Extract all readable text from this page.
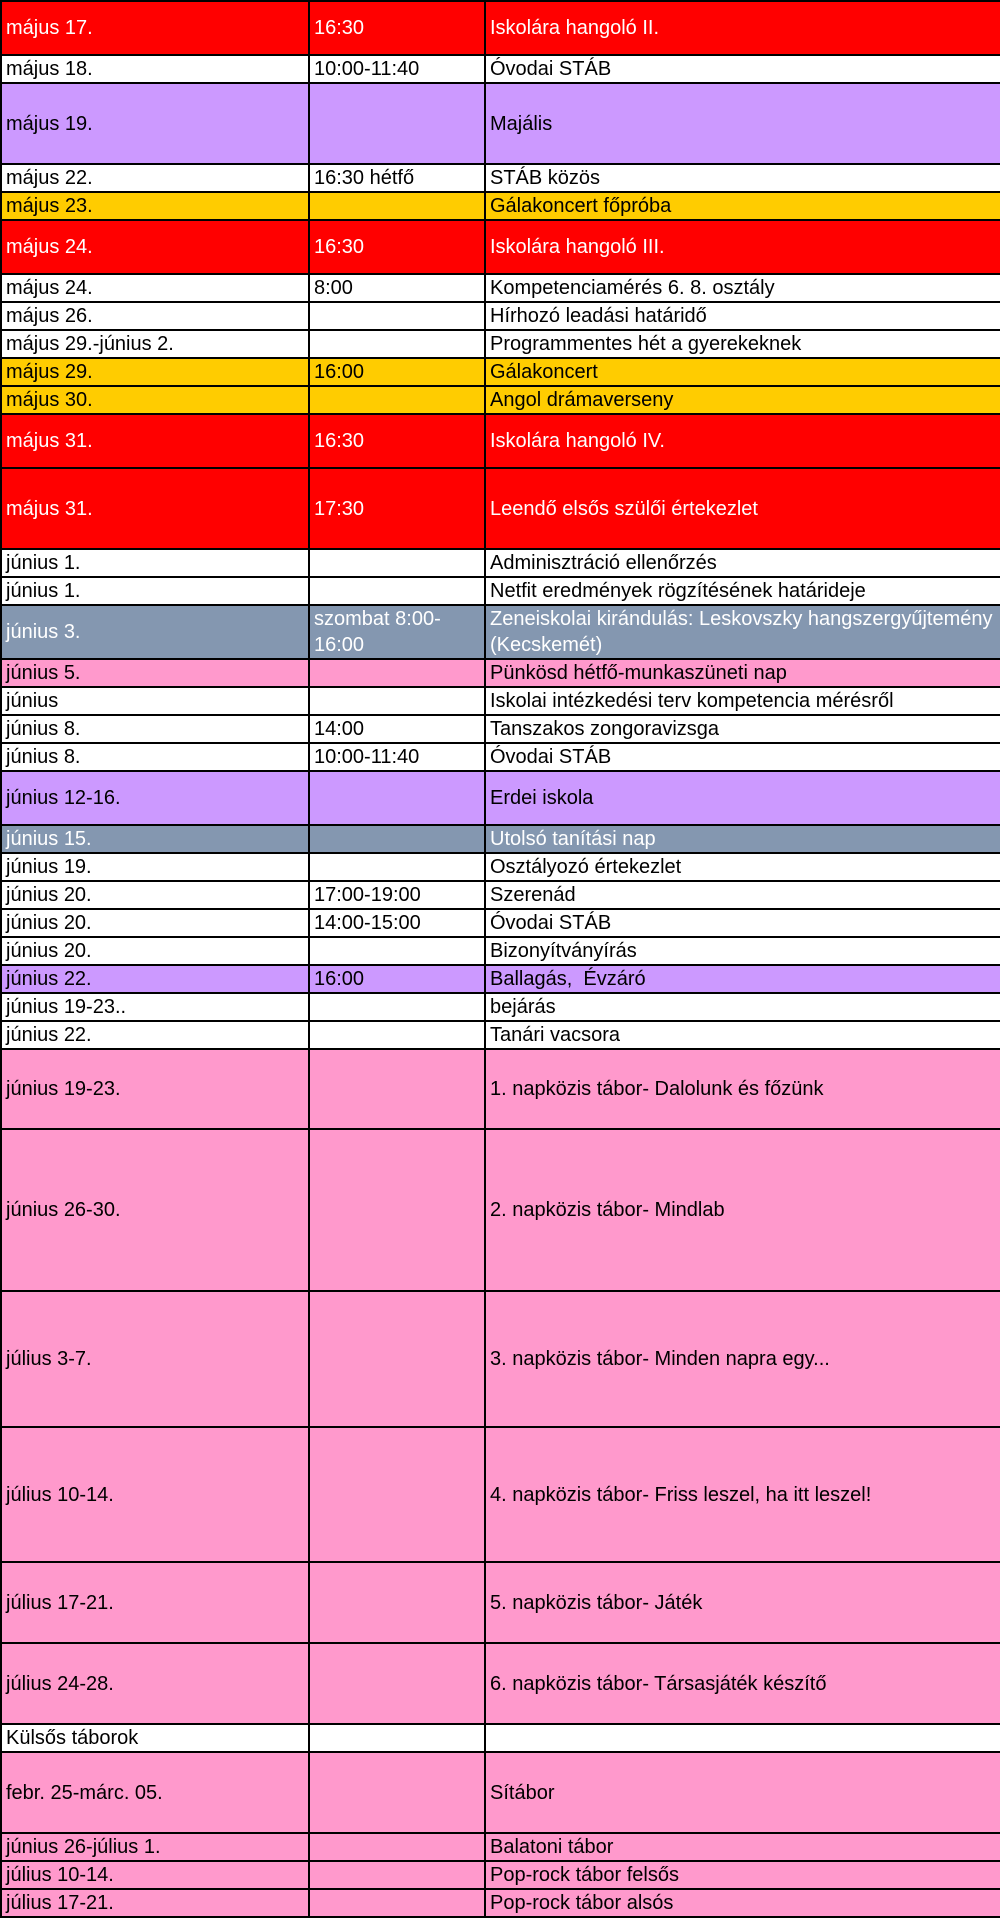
május 17.	16:30	Iskolára hangoló II.
május 18.	10:00-11:40	Óvodai STÁB
május 19.		Majális
május 22.	16:30 hétfő	STÁB közös
május 23.		Gálakoncert főpróba
május 24.	16:30	Iskolára hangoló III.
május 24.	8:00	Kompetenciamérés 6. 8. osztály
május 26.		Hírhozó leadási határidő
május 29.-június 2.		Programmentes hét a gyerekeknek
május 29.	16:00	Gálakoncert
május 30.		Angol drámaverseny
május 31.	16:30	Iskolára hangoló IV.
május 31.	17:30	Leendő elsős szülői értekezlet
június 1.		Adminisztráció ellenőrzés
június 1.		Netfit eredmények rögzítésének határideje
június 3.	szombat 8:00-16:00	Zeneiskolai kirándulás: Leskovszky hangszergyűjtemény (Kecskemét)
június 5.		Pünkösd hétfő-munkaszüneti nap
június		Iskolai intézkedési terv kompetencia mérésről
június 8.	14:00	Tanszakos zongoravizsga
június 8.	10:00-11:40	Óvodai STÁB
június 12-16.		Erdei iskola
június 15.		Utolsó tanítási nap
június 19.		Osztályozó értekezlet
június 20.	17:00-19:00	Szerenád
június 20.	14:00-15:00	Óvodai STÁB
június 20.		Bizonyítványírás
június 22.	16:00	Ballagás,  Évzáró
június 19-23..		bejárás
június 22.		Tanári vacsora
június 19-23.		1. napközis tábor- Dalolunk és főzünk
június 26-30.		2. napközis tábor- Mindlab
július 3-7.		3. napközis tábor- Minden napra egy...
július 10-14.		4. napközis tábor- Friss leszel, ha itt leszel!
július 17-21.		5. napközis tábor- Játék
július 24-28.		6. napközis tábor- Társasjáték készítő
Külsős táborok		
febr. 25-márc. 05.		Sítábor
június 26-július 1.		Balatoni tábor
július 10-14.		Pop-rock tábor felsős
július 17-21.		Pop-rock tábor alsós
